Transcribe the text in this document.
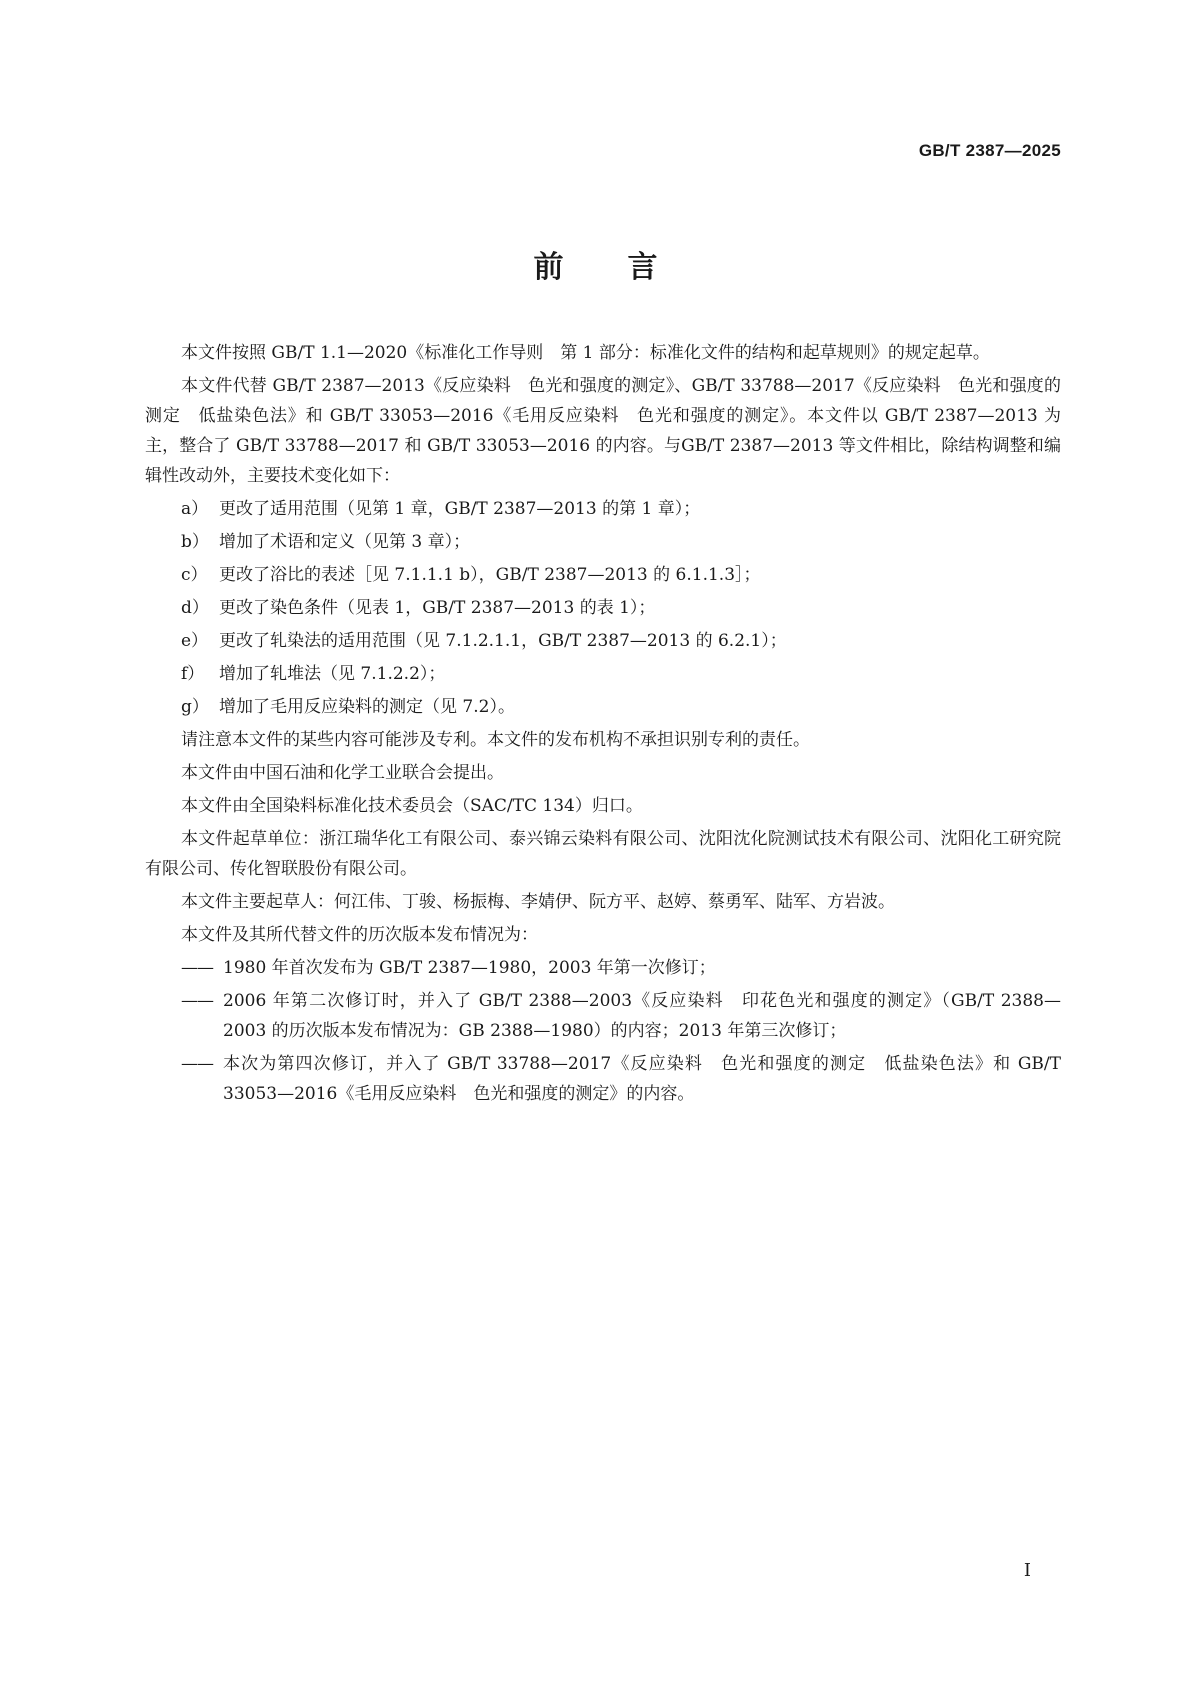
GB/T 2387—2025
前 言

本文件按照 GB/T 1.1—2020《标准化工作导则　第 1 部分：标准化文件的结构和起草规则》的规定起草。

本文件代替 GB/T 2387—2013《反应染料　色光和强度的测定》、GB/T 33788—2017《反应染料　色光和强度的测定　低盐染色法》和 GB/T 33053—2016《毛用反应染料　色光和强度的测定》。本文件以 GB/T 2387—2013 为主，整合了 GB/T 33788—2017 和 GB/T 33053—2016 的内容。与GB/T 2387—2013 等文件相比，除结构调整和编辑性改动外，主要技术变化如下：

a） 更改了适用范围（见第 1 章，GB/T 2387—2013 的第 1 章）；
b） 增加了术语和定义（见第 3 章）；
c） 更改了浴比的表述［见 7.1.1.1 b），GB/T 2387—2013 的 6.1.1.3］；
d） 更改了染色条件（见表 1，GB/T 2387—2013 的表 1）；
e） 更改了轧染法的适用范围（见 7.1.2.1.1，GB/T 2387—2013 的 6.2.1）；
f） 增加了轧堆法（见 7.1.2.2）；
g） 增加了毛用反应染料的测定（见 7.2）。

请注意本文件的某些内容可能涉及专利。本文件的发布机构不承担识别专利的责任。

本文件由中国石油和化学工业联合会提出。

本文件由全国染料标准化技术委员会（SAC/TC 134）归口。

本文件起草单位：浙江瑞华化工有限公司、泰兴锦云染料有限公司、沈阳沈化院测试技术有限公司、沈阳化工研究院有限公司、传化智联股份有限公司。

本文件主要起草人：何江伟、丁骏、杨振梅、李婧伊、阮方平、赵婷、蔡勇军、陆军、方岩波。

本文件及其所代替文件的历次版本发布情况为：

—— 1980 年首次发布为 GB/T 2387—1980，2003 年第一次修订；
—— 2006 年第二次修订时，并入了 GB/T 2388—2003《反应染料　印花色光和强度的测定》（GB/T 2388—2003 的历次版本发布情况为：GB 2388—1980）的内容；2013 年第三次修订；
—— 本次为第四次修订，并入了 GB/T 33788—2017《反应染料　色光和强度的测定　低盐染色法》和 GB/T 33053—2016《毛用反应染料　色光和强度的测定》的内容。
I
